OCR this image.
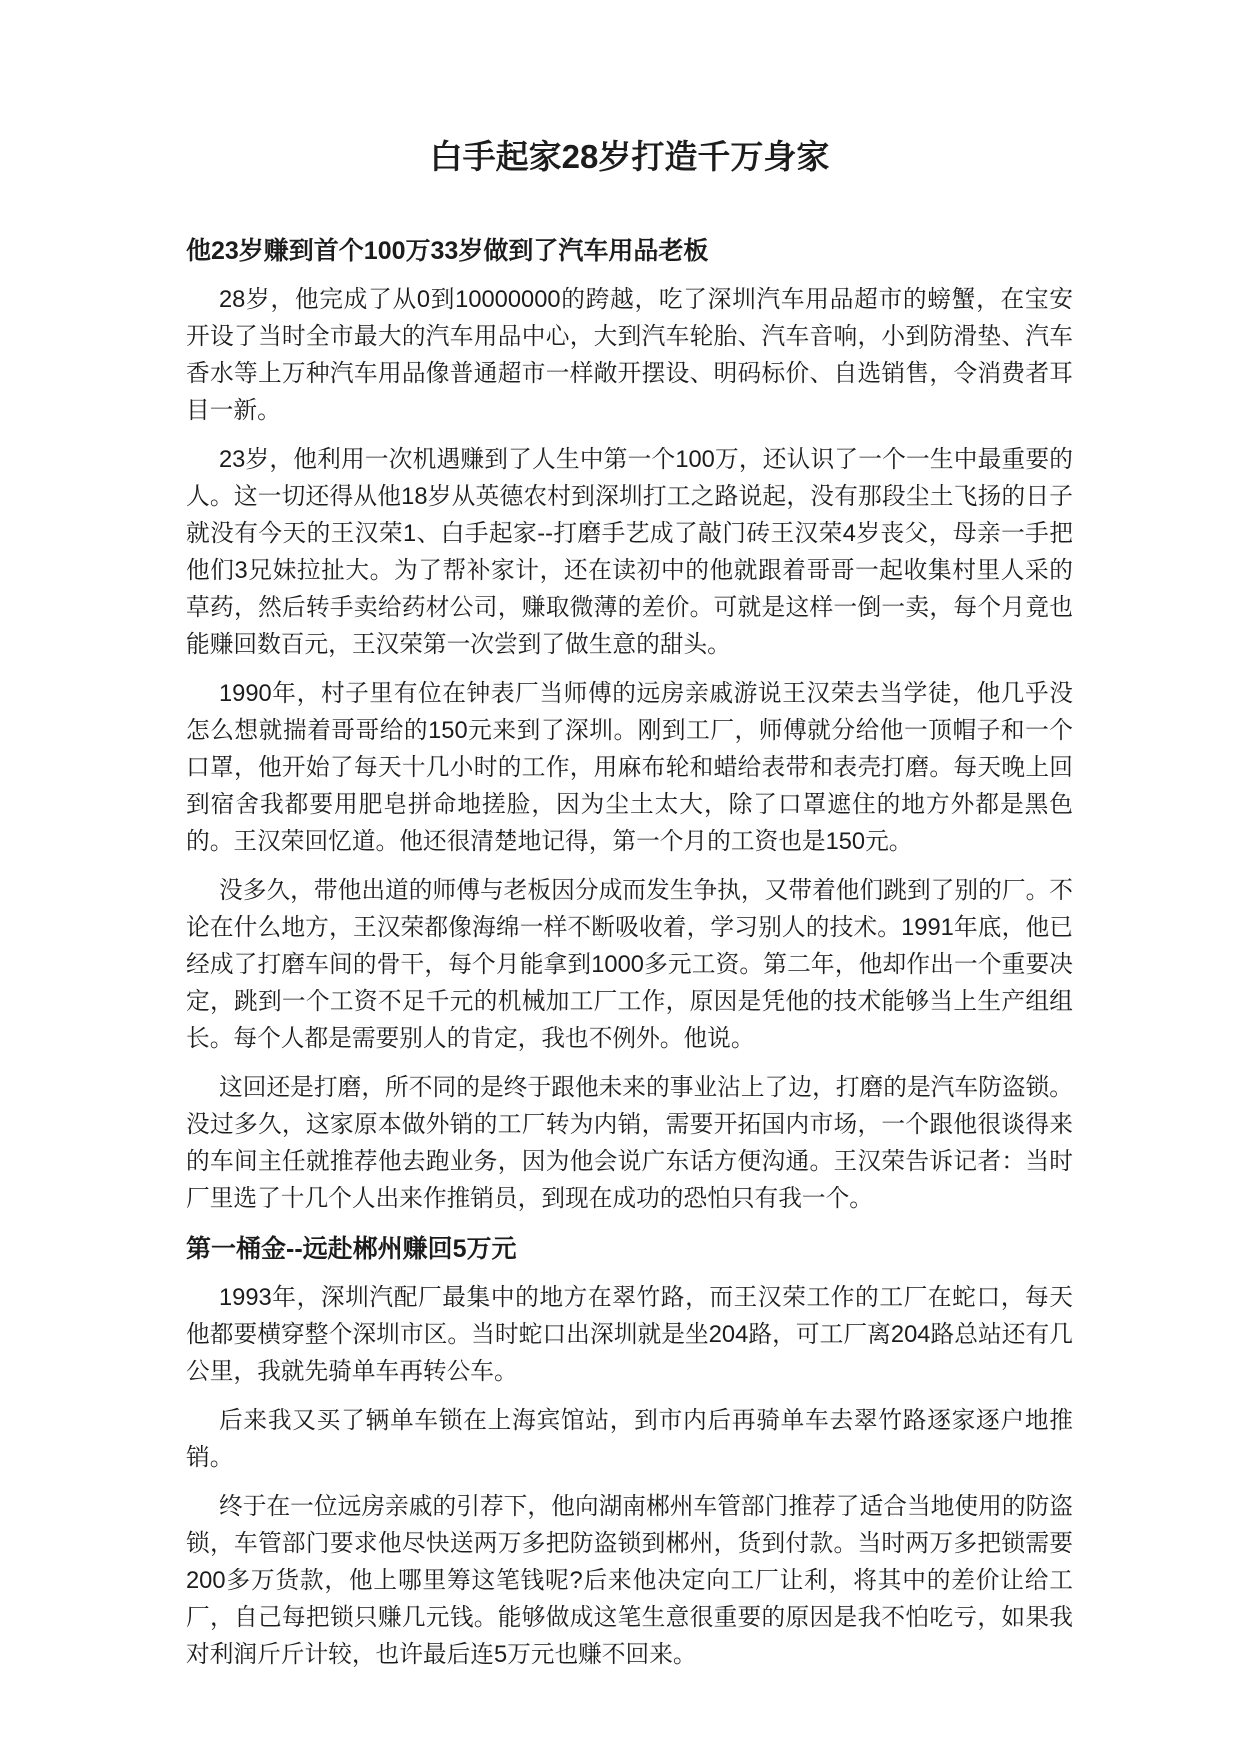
白手起家28岁打造千万身家
他23岁赚到首个100万33岁做到了汽车用品老板

28岁，他完成了从0到10000000的跨越，吃了深圳汽车用品超市的螃蟹，在宝安开设了当时全市最大的汽车用品中心，大到汽车轮胎、汽车音响，小到防滑垫、汽车香水等上万种汽车用品像普通超市一样敞开摆设、明码标价、自选销售，令消费者耳目一新。

23岁，他利用一次机遇赚到了人生中第一个100万，还认识了一个一生中最重要的人。这一切还得从他18岁从英德农村到深圳打工之路说起，没有那段尘土飞扬的日子就没有今天的王汉荣1、白手起家--打磨手艺成了敲门砖王汉荣4岁丧父，母亲一手把他们3兄妹拉扯大。为了帮补家计，还在读初中的他就跟着哥哥一起收集村里人采的草药，然后转手卖给药材公司，赚取微薄的差价。可就是这样一倒一卖，每个月竟也能赚回数百元，王汉荣第一次尝到了做生意的甜头。

1990年，村子里有位在钟表厂当师傅的远房亲戚游说王汉荣去当学徒，他几乎没怎么想就揣着哥哥给的150元来到了深圳。刚到工厂，师傅就分给他一顶帽子和一个口罩，他开始了每天十几小时的工作，用麻布轮和蜡给表带和表壳打磨。每天晚上回到宿舍我都要用肥皂拼命地搓脸，因为尘土太大，除了口罩遮住的地方外都是黑色的。王汉荣回忆道。他还很清楚地记得，第一个月的工资也是150元。

没多久，带他出道的师傅与老板因分成而发生争执，又带着他们跳到了别的厂。不论在什么地方，王汉荣都像海绵一样不断吸收着，学习别人的技术。1991年底，他已经成了打磨车间的骨干，每个月能拿到1000多元工资。第二年，他却作出一个重要决定，跳到一个工资不足千元的机械加工厂工作，原因是凭他的技术能够当上生产组组长。每个人都是需要别人的肯定，我也不例外。他说。

这回还是打磨，所不同的是终于跟他未来的事业沾上了边，打磨的是汽车防盗锁。没过多久，这家原本做外销的工厂转为内销，需要开拓国内市场，一个跟他很谈得来的车间主任就推荐他去跑业务，因为他会说广东话方便沟通。王汉荣告诉记者：当时厂里选了十几个人出来作推销员，到现在成功的恐怕只有我一个。

第一桶金--远赴郴州赚回5万元

1993年，深圳汽配厂最集中的地方在翠竹路，而王汉荣工作的工厂在蛇口，每天他都要横穿整个深圳市区。当时蛇口出深圳就是坐204路，可工厂离204路总站还有几公里，我就先骑单车再转公车。

后来我又买了辆单车锁在上海宾馆站，到市内后再骑单车去翠竹路逐家逐户地推销。

终于在一位远房亲戚的引荐下，他向湖南郴州车管部门推荐了适合当地使用的防盗锁，车管部门要求他尽快送两万多把防盗锁到郴州，货到付款。当时两万多把锁需要200多万货款，他上哪里筹这笔钱呢?后来他决定向工厂让利，将其中的差价让给工厂，自己每把锁只赚几元钱。能够做成这笔生意很重要的原因是我不怕吃亏，如果我对利润斤斤计较，也许最后连5万元也赚不回来。
